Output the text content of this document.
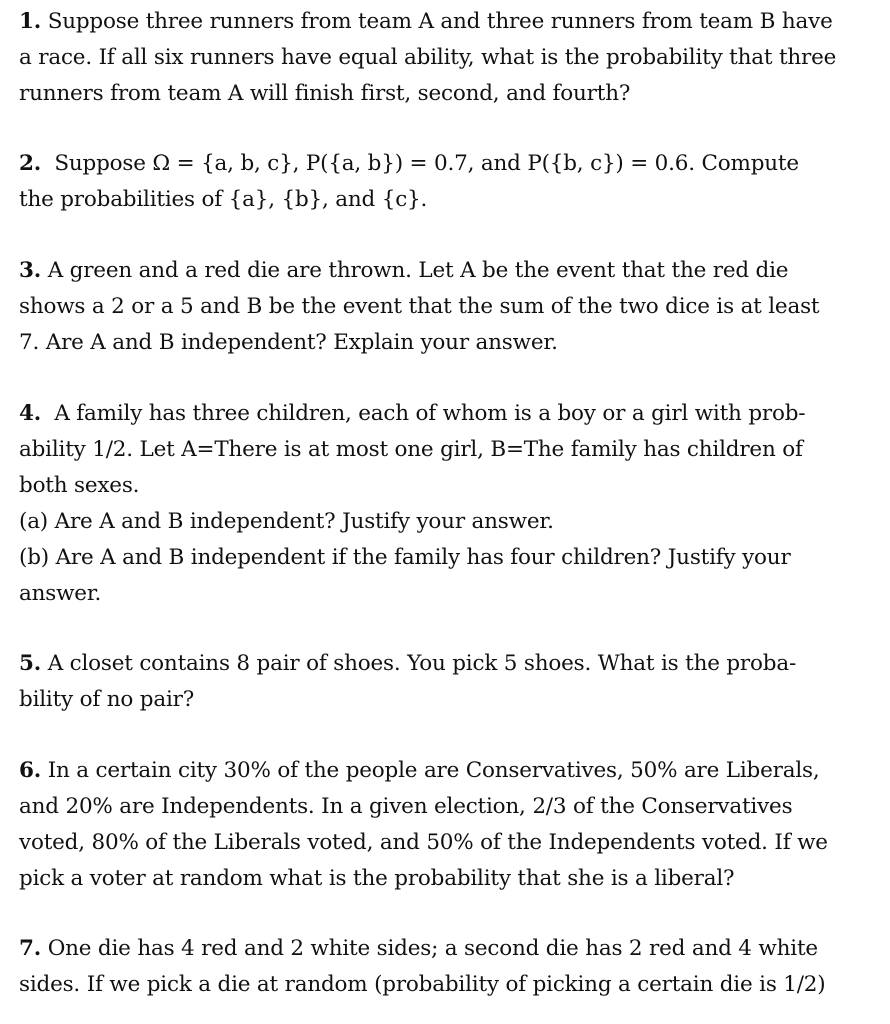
1. Suppose three runners from team A and three runners from team B have
a race. If all six runners have equal ability, what is the probability that three
runners from team A will finish first, second, and fourth?
2. Suppose Ω = {a, b, c}, P({a, b}) = 0.7, and P({b, c}) = 0.6. Compute
the probabilities of {a}, {b}, and {c}.
3. A green and a red die are thrown. Let A be the event that the red die
shows a 2 or a 5 and B be the event that the sum of the two dice is at least
7. Are A and B independent? Explain your answer.
4. A family has three children, each of whom is a boy or a girl with prob-
ability 1/2. Let A=There is at most one girl, B=The family has children of
both sexes.
(a) Are A and B independent? Justify your answer.
(b) Are A and B independent if the family has four children? Justify your
answer.
5. A closet contains 8 pair of shoes. You pick 5 shoes. What is the proba-
bility of no pair?
6. In a certain city 30% of the people are Conservatives, 50% are Liberals,
and 20% are Independents. In a given election, 2/3 of the Conservatives
voted, 80% of the Liberals voted, and 50% of the Independents voted. If we
pick a voter at random what is the probability that she is a liberal?
7. One die has 4 red and 2 white sides; a second die has 2 red and 4 white
sides. If we pick a die at random (probability of picking a certain die is 1/2)
